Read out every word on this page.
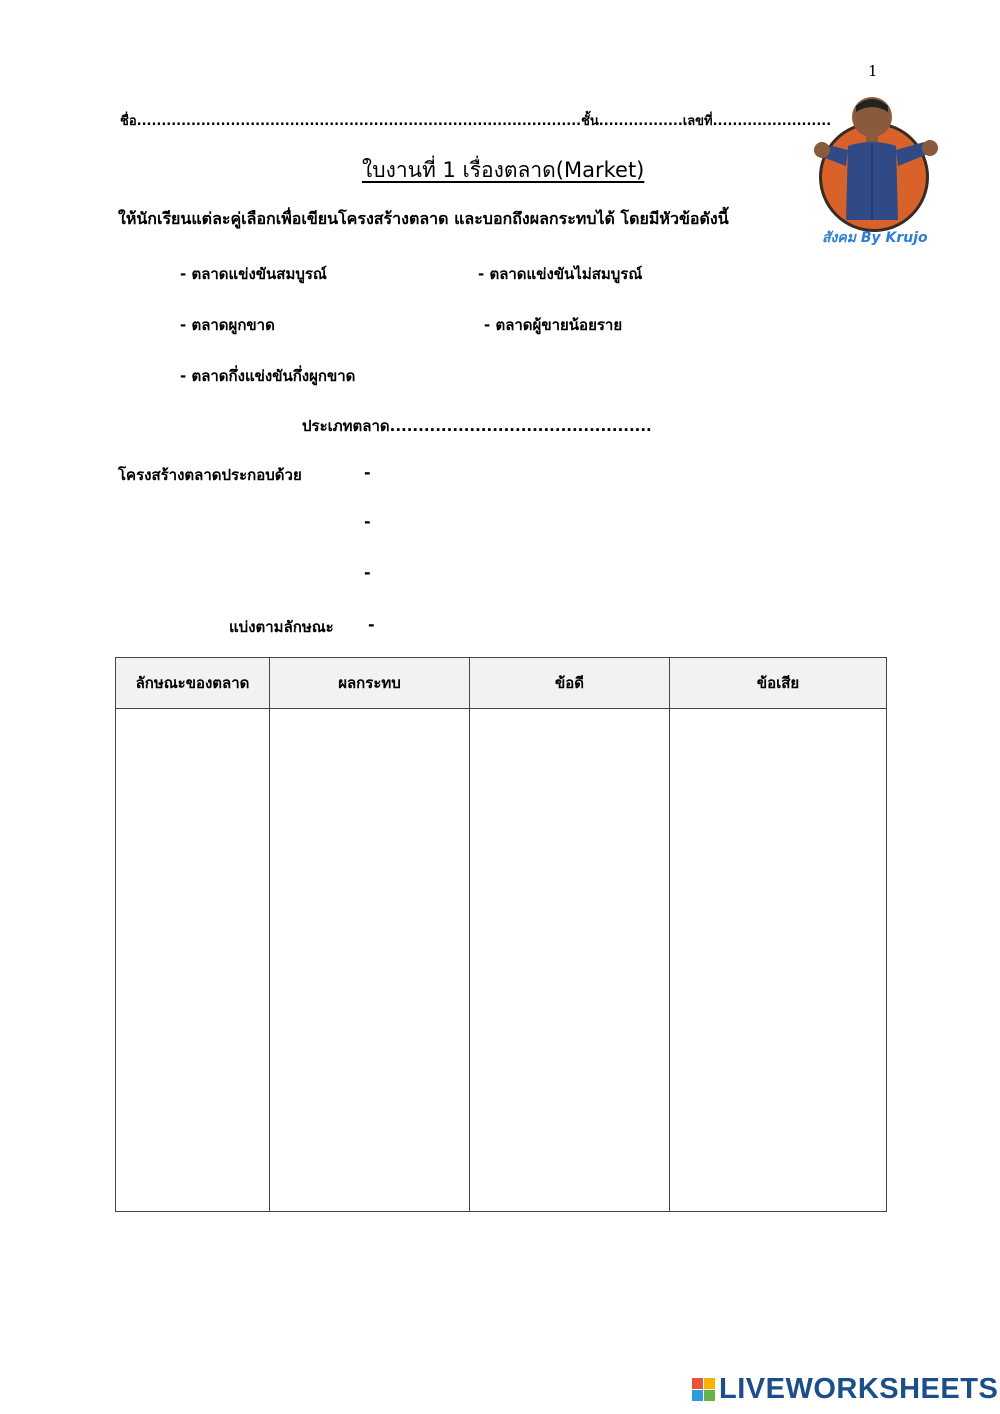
1
ชื่อ..........................................................................................ชั้น.................เลขที่........................
สังคม By Krujo
ใบงานที่ 1 เรื่องตลาด(Market)
ให้นักเรียนแต่ละคู่เลือกเพื่อเขียนโครงสร้างตลาด และบอกถึงผลกระทบได้ โดยมีหัวข้อดังนี้
- ตลาดแข่งขันสมบูรณ์	- ตลาดแข่งขันไม่สมบูรณ์
- ตลาดผูกขาด	- ตลาดผู้ขายน้อยราย
- ตลาดกึ่งแข่งขันกึ่งผูกขาด
ประเภทตลาด..............................................
โครงสร้างตลาดประกอบด้วย	-
-
-
แบ่งตามลักษณะ -
ลักษณะของตลาด	ผลกระทบ	ข้อดี	ข้อเสีย

LIVEWORKSHEETS
